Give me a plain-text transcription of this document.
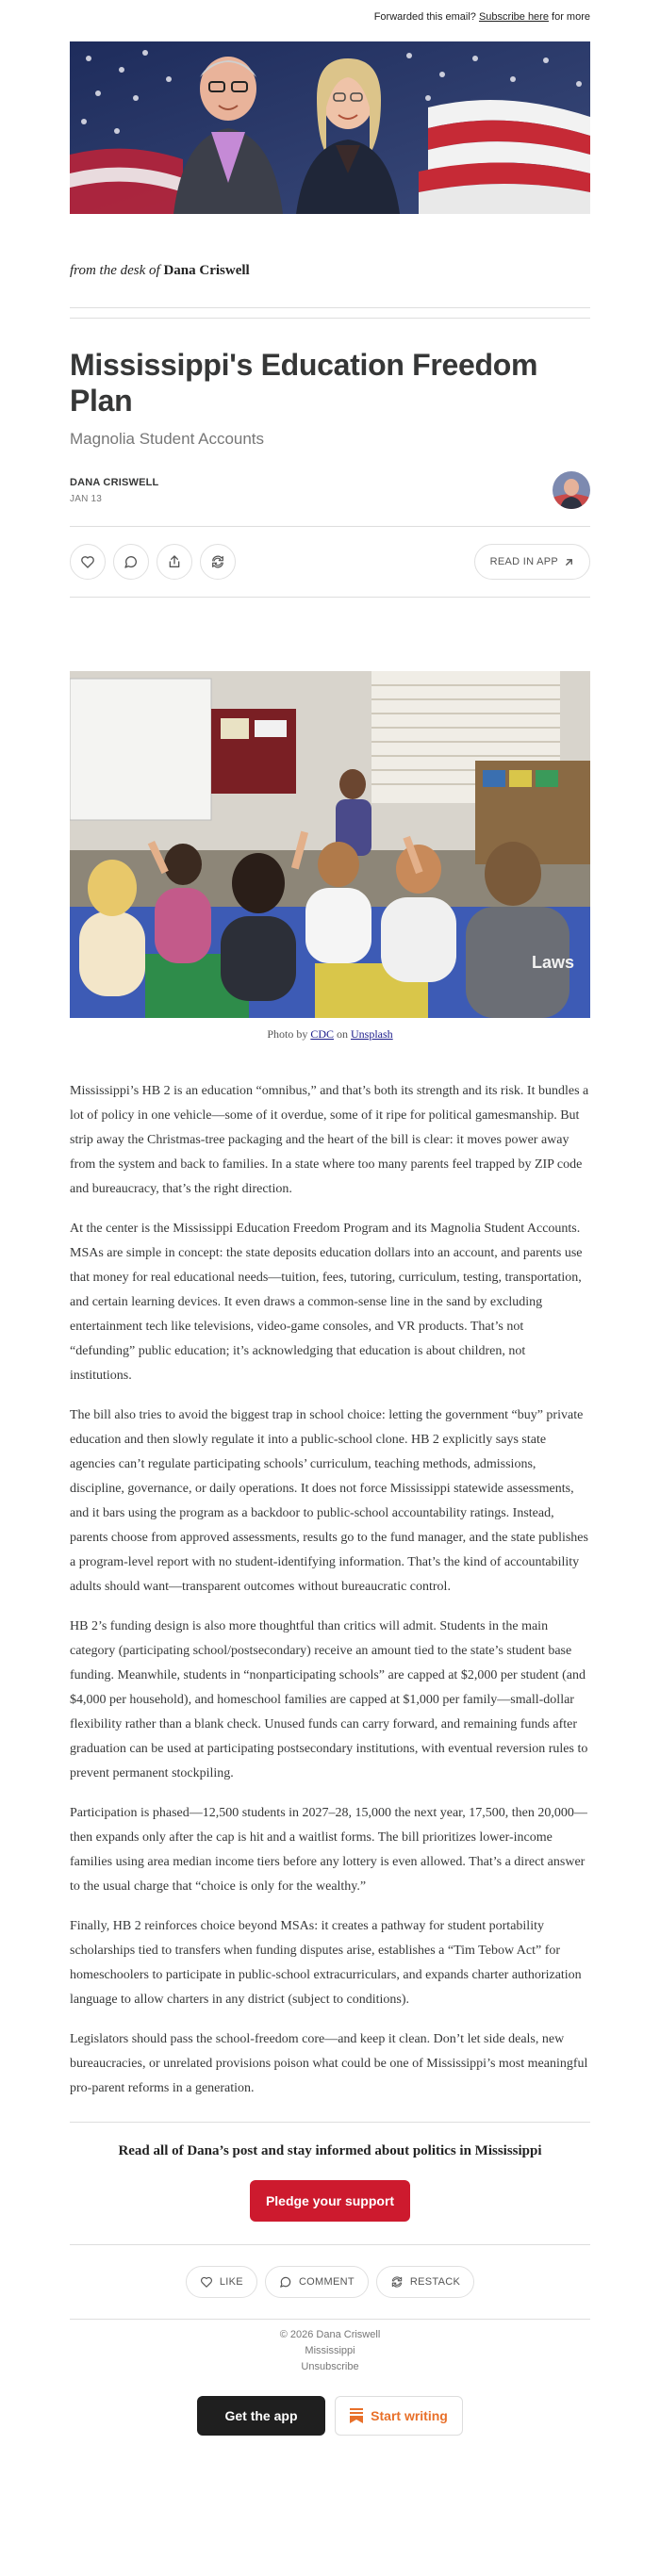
Forwarded this email? Subscribe here for more
from the desk of Dana Criswell
Mississippi's Education Freedom Plan
Magnolia Student Accounts
DANA CRISWELL
JAN 13
READ IN APP
Laws
Photo by CDC on Unsplash

Mississippi’s HB 2 is an education “omnibus,” and that’s both its strength and its risk. It bundles a lot of policy in one vehicle—some of it overdue, some of it ripe for political gamesmanship. But strip away the Christmas-tree packaging and the heart of the bill is clear: it moves power away from the system and back to families. In a state where too many parents feel trapped by ZIP code and bureaucracy, that’s the right direction.

At the center is the Mississippi Education Freedom Program and its Magnolia Student Accounts. MSAs are simple in concept: the state deposits education dollars into an account, and parents use that money for real educational needs—tuition, fees, tutoring, curriculum, testing, transportation, and certain learning devices. It even draws a common-sense line in the sand by excluding entertainment tech like televisions, video-game consoles, and VR products. That’s not “defunding” public education; it’s acknowledging that education is about children, not institutions.

The bill also tries to avoid the biggest trap in school choice: letting the government “buy” private education and then slowly regulate it into a public-school clone. HB 2 explicitly says state agencies can’t regulate participating schools’ curriculum, teaching methods, admissions, discipline, governance, or daily operations. It does not force Mississippi statewide assessments, and it bars using the program as a backdoor to public-school accountability ratings. Instead, parents choose from approved assessments, results go to the fund manager, and the state publishes a program-level report with no student-identifying information. That’s the kind of accountability adults should want—transparent outcomes without bureaucratic control.

HB 2’s funding design is also more thoughtful than critics will admit. Students in the main category (participating school/postsecondary) receive an amount tied to the state’s student base funding. Meanwhile, students in “nonparticipating schools” are capped at $2,000 per student (and $4,000 per household), and homeschool families are capped at $1,000 per family—small-dollar flexibility rather than a blank check. Unused funds can carry forward, and remaining funds after graduation can be used at participating postsecondary institutions, with eventual reversion rules to prevent permanent stockpiling.

Participation is phased—12,500 students in 2027–28, 15,000 the next year, 17,500, then 20,000—then expands only after the cap is hit and a waitlist forms. The bill prioritizes lower-income families using area median income tiers before any lottery is even allowed. That’s a direct answer to the usual charge that “choice is only for the wealthy.”

Finally, HB 2 reinforces choice beyond MSAs: it creates a pathway for student portability scholarships tied to transfers when funding disputes arise, establishes a “Tim Tebow Act” for homeschoolers to participate in public-school extracurriculars, and expands charter authorization language to allow charters in any district (subject to conditions).

Legislators should pass the school-freedom core—and keep it clean. Don’t let side deals, new bureaucracies, or unrelated provisions poison what could be one of Mississippi’s most meaningful pro-parent reforms in a generation.

Read all of Dana’s post and stay informed about politics in Mississippi
Pledge your support
LIKE	COMMENT	RESTACK
© 2026 Dana Criswell
Mississippi
Unsubscribe
Get the app	Start writing
